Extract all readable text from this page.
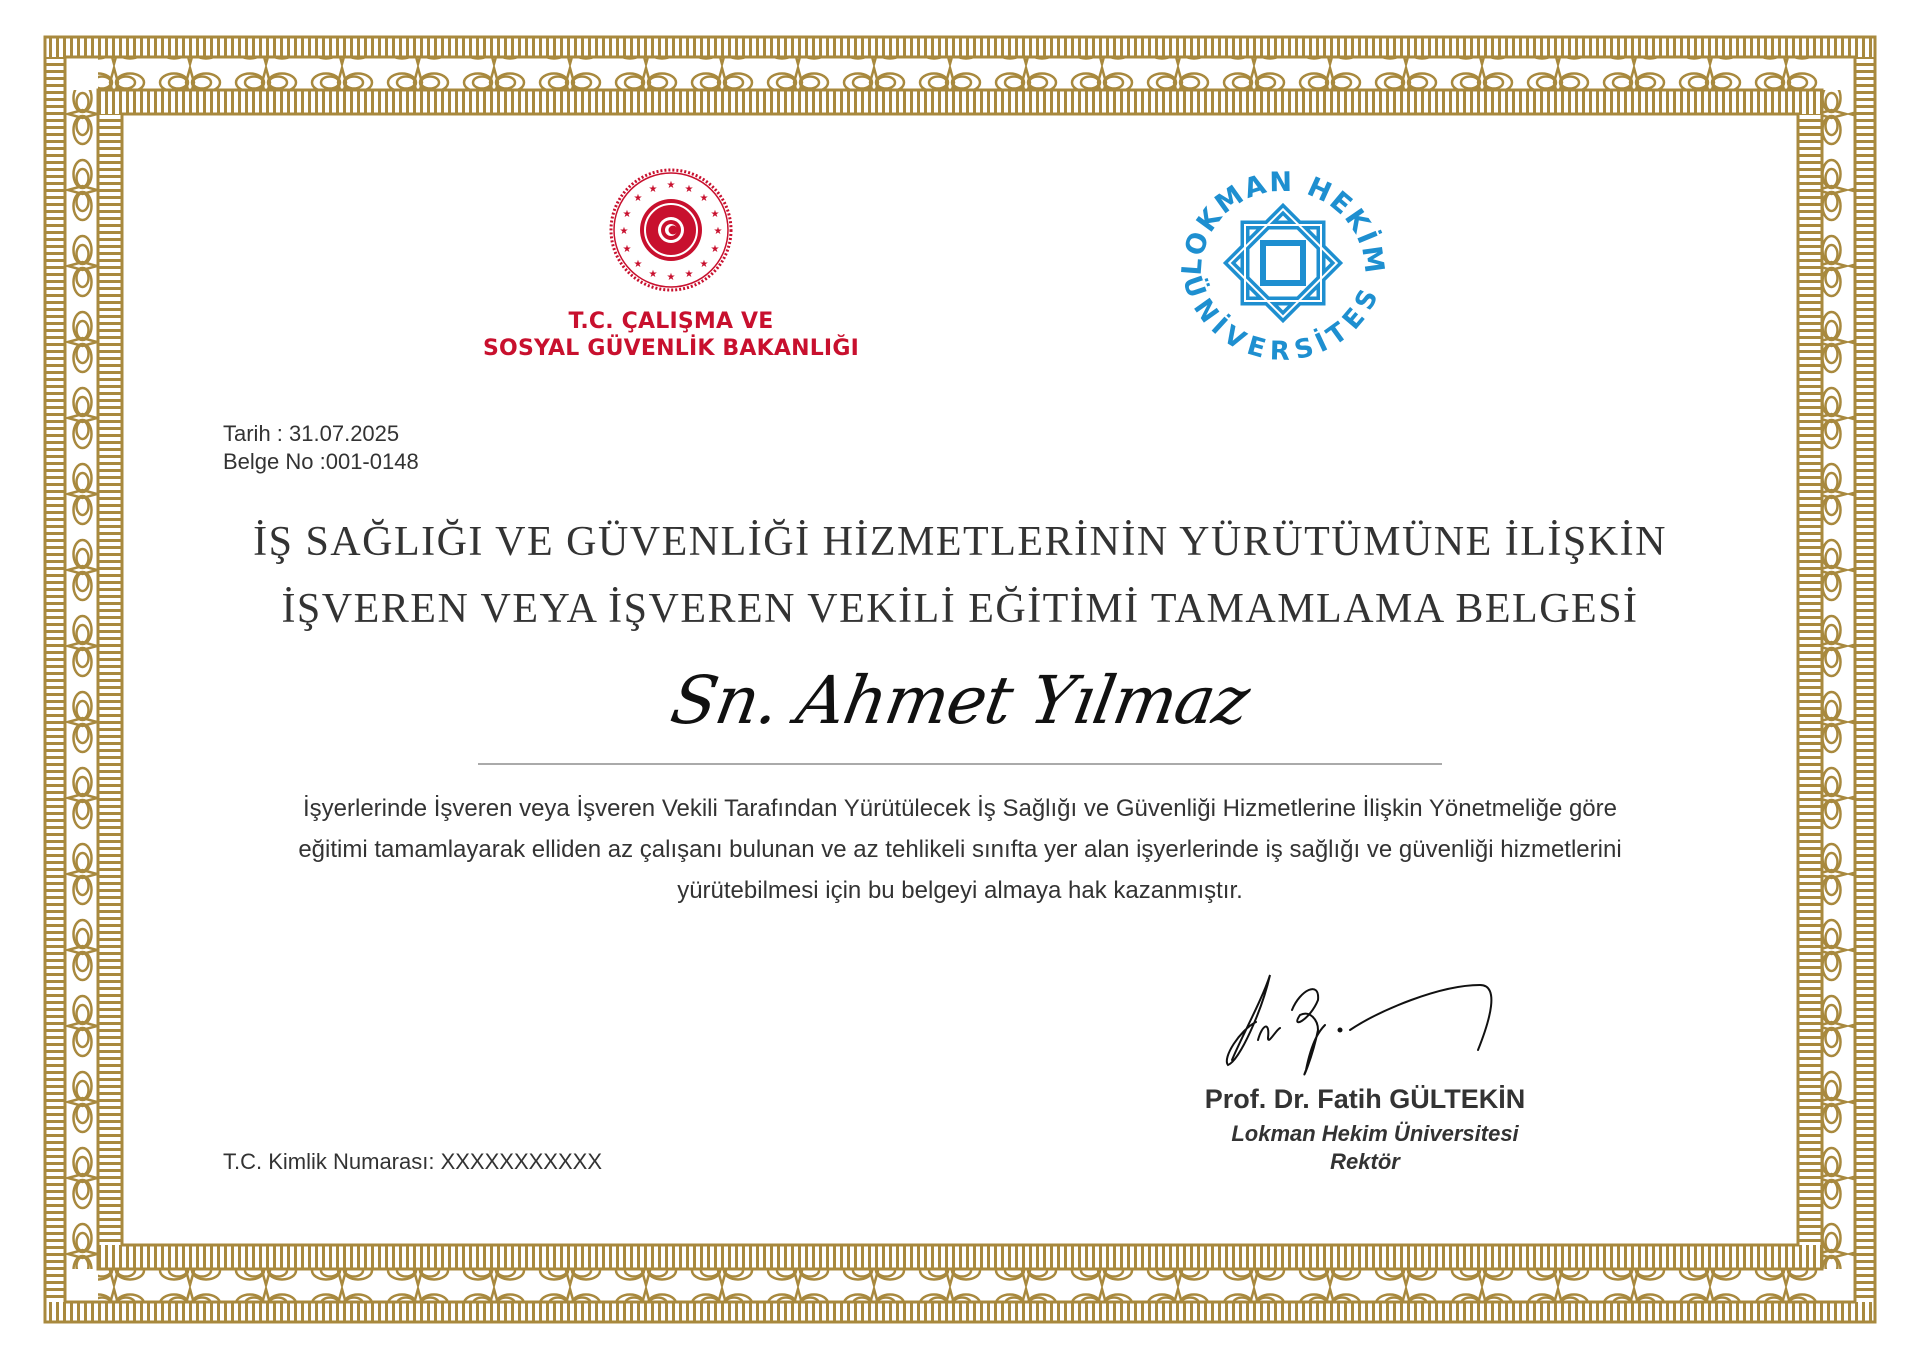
★
★
★	★
★	★
★	★
★	★
★	★
★	★
★	★	LOKMAN HEKİM
ÜNİVERSİTESİ
T.C. ÇALIŞMA VE
SOSYAL GÜVENLİK BAKANLIĞI
Tarih : 31.07.2025
Belge No :001-0148
İŞ SAĞLIĞI VE GÜVENLİĞİ HİZMETLERİNİN YÜRÜTÜMÜNE İLİŞKİN
İŞVEREN VEYA İŞVEREN VEKİLİ EĞİTİMİ TAMAMLAMA BELGESİ
Sn. Ahmet Yılmaz
İşyerlerinde İşveren veya İşveren Vekili Tarafından Yürütülecek İş Sağlığı ve Güvenliği Hizmetlerine İlişkin Yönetmeliğe göre
eğitimi tamamlayarak elliden az çalışanı bulunan ve az tehlikeli sınıfta yer alan işyerlerinde iş sağlığı ve güvenliği hizmetlerini
yürütebilmesi için bu belgeyi almaya hak kazanmıştır.
T.C. Kimlik Numarası: XXXXXXXXXXX
Prof. Dr. Fatih GÜLTEKİN
Lokman Hekim Üniversitesi
Rektör
